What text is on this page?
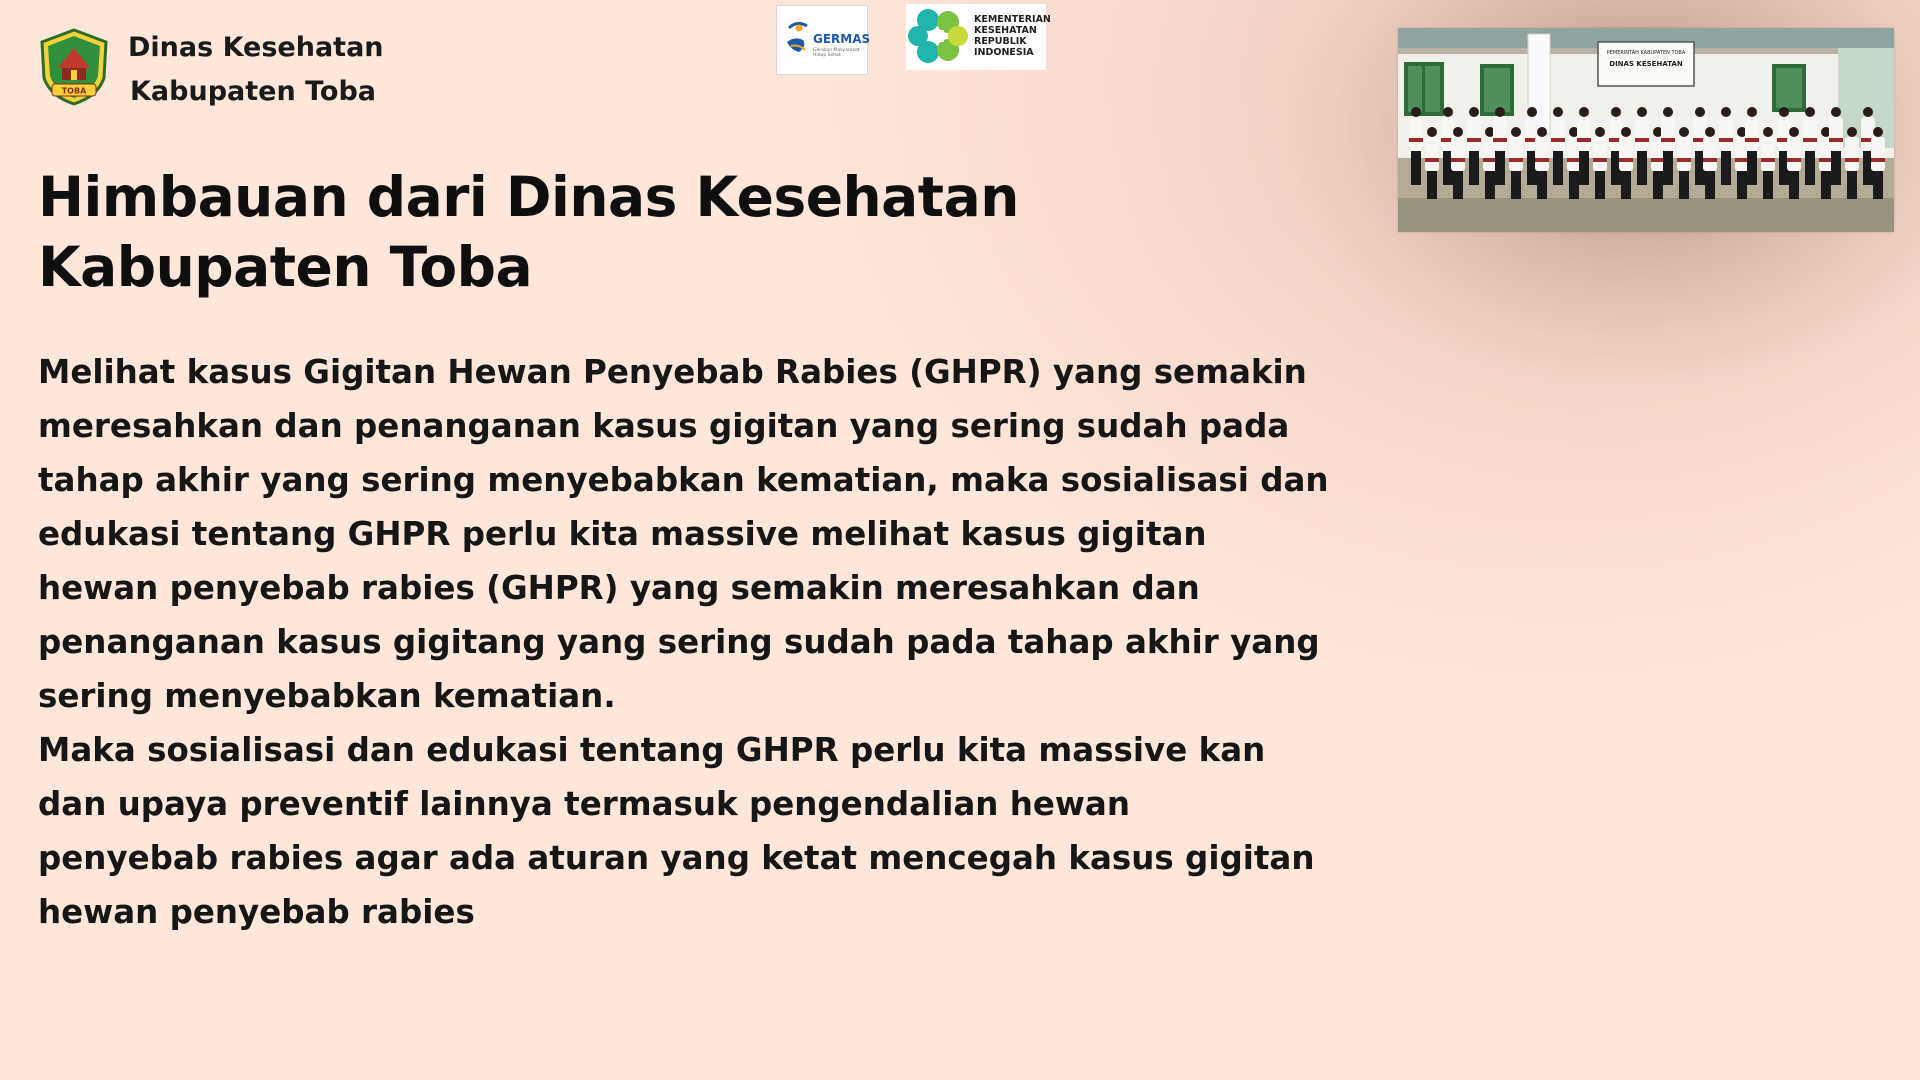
TOBA
Dinas Kesehatan
Kabupaten Toba
GERMAS
Gerakan Masyarakat Hidup Sehat
KEMENTERIAN
KESEHATAN
REPUBLIK
INDONESIA	PEMERINTAH KABUPATEN TOBA
DINAS KESEHATAN
Himbauan dari Dinas Kesehatan
Kabupaten Toba
Melihat kasus Gigitan Hewan Penyebab Rabies (GHPR) yang semakin
meresahkan dan penanganan kasus gigitan yang sering sudah pada
tahap akhir yang sering menyebabkan kematian, maka sosialisasi dan
edukasi tentang GHPR perlu kita massive melihat kasus gigitan
hewan penyebab rabies (GHPR) yang semakin meresahkan dan
penanganan kasus gigitang yang sering sudah pada tahap akhir yang
sering menyebabkan kematian.
Maka sosialisasi dan edukasi tentang GHPR perlu kita massive kan
dan upaya preventif lainnya termasuk pengendalian hewan
penyebab rabies agar ada aturan yang ketat mencegah kasus gigitan
hewan penyebab rabies
